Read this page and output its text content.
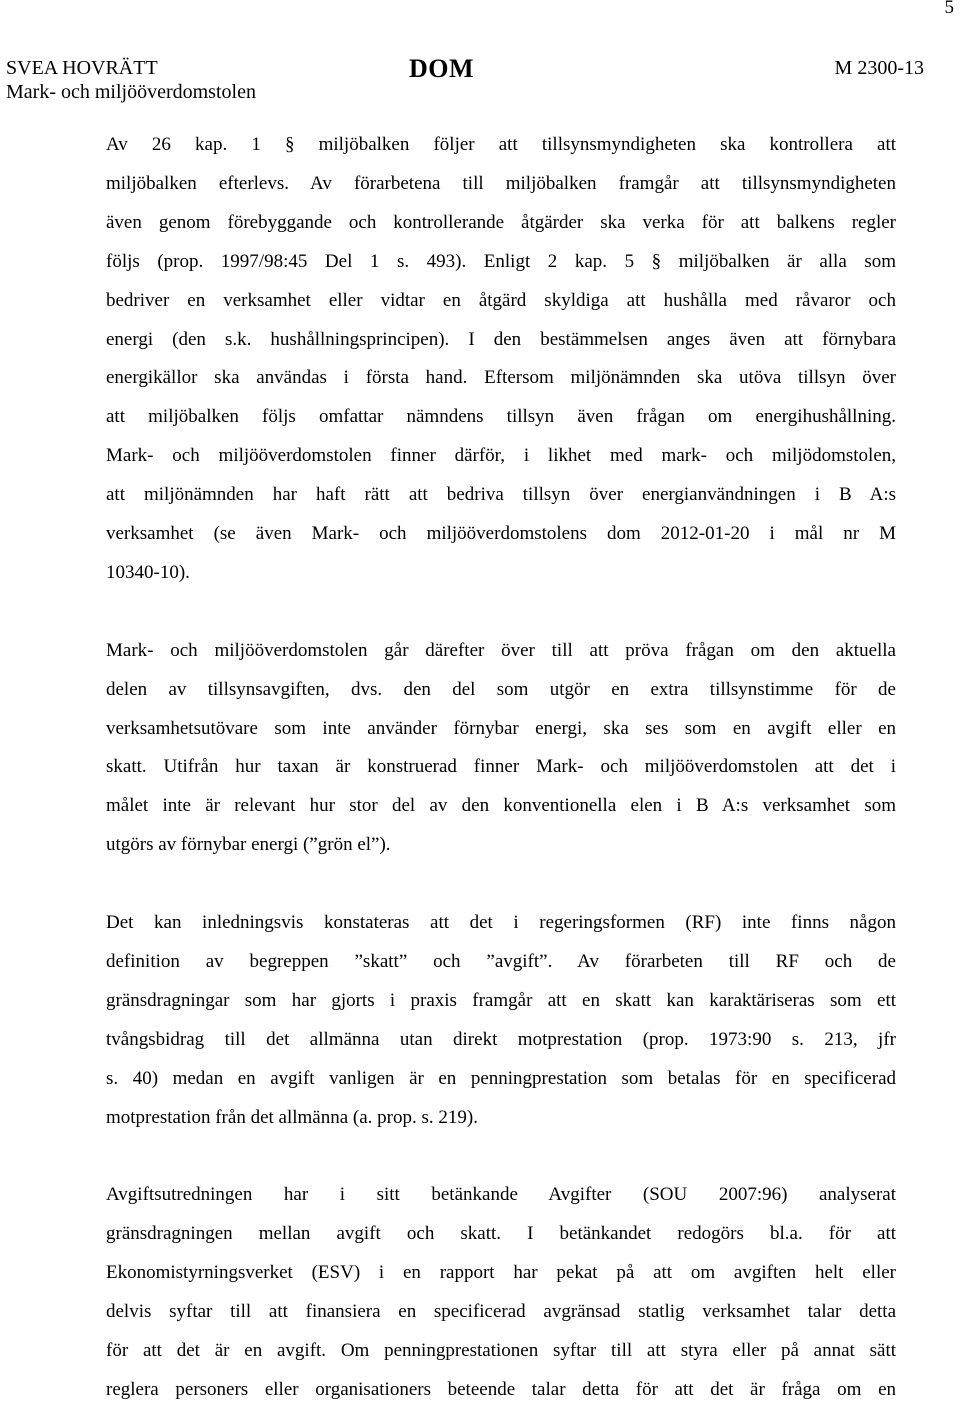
5
SVEA HOVRÄTT
Mark- och miljööverdomstolen
DOM	M 2300-13

Av 26 kap. 1 § miljöbalken följer att tillsynsmyndigheten ska kontrollera att
miljöbalken efterlevs. Av förarbetena till miljöbalken framgår att tillsynsmyndigheten
även genom förebyggande och kontrollerande åtgärder ska verka för att balkens regler
följs (prop. 1997/98:45 Del 1 s. 493). Enligt 2 kap. 5 § miljöbalken är alla som
bedriver en verksamhet eller vidtar en åtgärd skyldiga att hushålla med råvaror och
energi (den s.k. hushållningsprincipen). I den bestämmelsen anges även att förnybara
energikällor ska användas i första hand. Eftersom miljönämnden ska utöva tillsyn över
att miljöbalken följs omfattar nämndens tillsyn även frågan om energihushållning.
Mark- och miljööverdomstolen finner därför, i likhet med mark- och miljödomstolen,
att miljönämnden har haft rätt att bedriva tillsyn över energianvändningen i B A:s
verksamhet (se även Mark- och miljööverdomstolens dom 2012-01-20 i mål nr M
10340-10).

Mark- och miljööverdomstolen går därefter över till att pröva frågan om den aktuella
delen av tillsynsavgiften, dvs. den del som utgör en extra tillsynstimme för de
verksamhetsutövare som inte använder förnybar energi, ska ses som en avgift eller en
skatt. Utifrån hur taxan är konstruerad finner Mark- och miljööverdomstolen att det i
målet inte är relevant hur stor del av den konventionella elen i B A:s verksamhet som
utgörs av förnybar energi (”grön el”).

Det kan inledningsvis konstateras att det i regeringsformen (RF) inte finns någon
definition av begreppen ”skatt” och ”avgift”. Av förarbeten till RF och de
gränsdragningar som har gjorts i praxis framgår att en skatt kan karaktäriseras som ett
tvångsbidrag till det allmänna utan direkt motprestation (prop. 1973:90 s. 213, jfr
s. 40) medan en avgift vanligen är en penningprestation som betalas för en specificerad
motprestation från det allmänna (a. prop. s. 219).

Avgiftsutredningen har i sitt betänkande Avgifter (SOU 2007:96) analyserat
gränsdragningen mellan avgift och skatt. I betänkandet redogörs bl.a. för att
Ekonomistyrningsverket (ESV) i en rapport har pekat på att om avgiften helt eller
delvis syftar till att finansiera en specificerad avgränsad statlig verksamhet talar detta
för att det är en avgift. Om penningprestationen syftar till att styra eller på annat sätt
reglera personers eller organisationers beteende talar detta för att det är fråga om en
